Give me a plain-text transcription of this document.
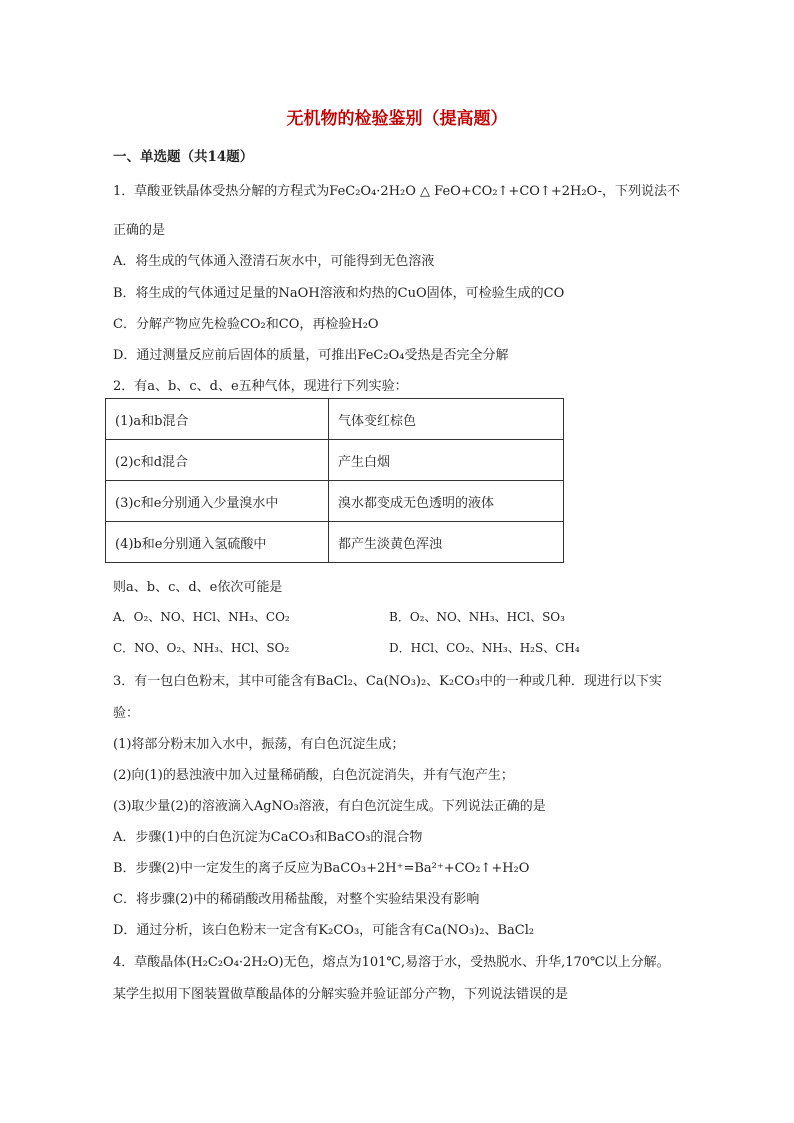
无机物的检验鉴别（提高题）
一、单选题（共14题）
1．草酸亚铁晶体受热分解的方程式为FeC₂O₄·2H₂O △ FeO+CO₂↑+CO↑+2H₂O-，下列说法不
正确的是
A．将生成的气体通入澄清石灰水中，可能得到无色溶液
B．将生成的气体通过足量的NaOH溶液和灼热的CuO固体，可检验生成的CO
C．分解产物应先检验CO₂和CO，再检验H₂O
D．通过测量反应前后固体的质量，可推出FeC₂O₄受热是否完全分解
2．有a、b、c、d、e五种气体，现进行下列实验：
(1)a和b混合	气体变红棕色
(2)c和d混合	产生白烟
(3)c和e分别通入少量溴水中	溴水都变成无色透明的液体
(4)b和e分别通入氢硫酸中	都产生淡黄色浑浊
则a、b、c、d、e依次可能是
A．O₂、NO、HCl、NH₃、CO₂	B．O₂、NO、NH₃、HCl、SO₃
C．NO、O₂、NH₃、HCl、SO₂	D．HCl、CO₂、NH₃、H₂S、CH₄
3．有一包白色粉末，其中可能含有BaCl₂、Ca(NO₃)₂、K₂CO₃中的一种或几种．现进行以下实
验：
(1)将部分粉末加入水中，振荡，有白色沉淀生成；
(2)向(1)的悬浊液中加入过量稀硝酸，白色沉淀消失，并有气泡产生；
(3)取少量(2)的溶液滴入AgNO₃溶液，有白色沉淀生成。下列说法正确的是
A．步骤(1)中的白色沉淀为CaCO₃和BaCO₃的混合物
B．步骤(2)中一定发生的离子反应为BaCO₃+2H⁺=Ba²⁺+CO₂↑+H₂O
C．将步骤(2)中的稀硝酸改用稀盐酸，对整个实验结果没有影响
D．通过分析，该白色粉末一定含有K₂CO₃，可能含有Ca(NO₃)₂、BaCl₂
4．草酸晶体(H₂C₂O₄·2H₂O)无色，熔点为101℃,易溶于水，受热脱水、升华,170℃以上分解。
某学生拟用下图装置做草酸晶体的分解实验并验证部分产物，下列说法错误的是
